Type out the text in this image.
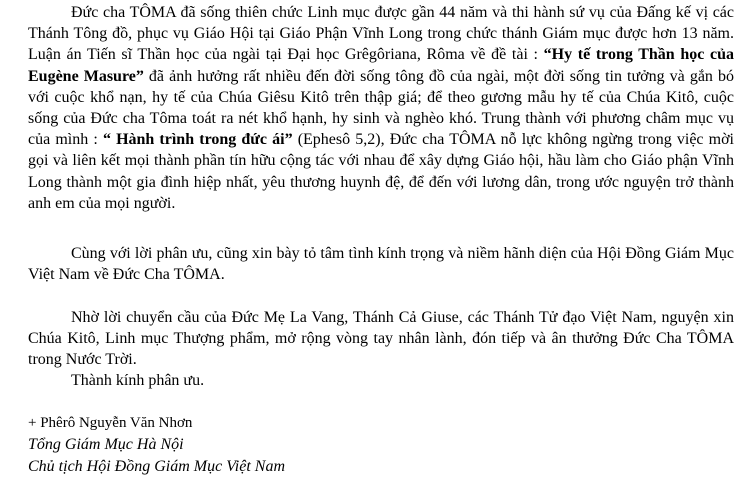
Đức cha TÔMA đã sống thiên chức Linh mục được gần 44 năm và thi hành sứ vụ của Đấng kế vị các Thánh Tông đồ, phục vụ Giáo Hội tại Giáo Phận Vĩnh Long trong chức thánh Giám mục được hơn 13 năm. Luận án Tiến sĩ Thần học của ngài tại Đại học Grêgôriana, Rôma về đề tài : “Hy tế trong Thần học của Eugène Masure” đã ảnh hưởng rất nhiều đến đời sống tông đồ của ngài, một đời sống tin tưởng và gắn bó với cuộc khổ nạn, hy tế của Chúa Giêsu Kitô trên thập giá; để theo gương mẫu hy tế của Chúa Kitô, cuộc sống của Đức cha Tôma toát ra nét khổ hạnh, hy sinh và nghèo khó. Trung thành với phương châm mục vụ của mình : “ Hành trình trong đức ái” (Ephesô 5,2), Đức cha TÔMA nỗ lực không ngừng trong việc mời gọi và liên kết mọi thành phần tín hữu cộng tác với nhau để xây dựng Giáo hội, hầu làm cho Giáo phận Vĩnh Long thành một gia đình hiệp nhất, yêu thương huynh đệ, để đến với lương dân, trong ước nguyện trở thành anh em của mọi người.

Cùng với lời phân ưu, cũng xin bày tỏ tâm tình kính trọng và niềm hãnh diện của Hội Đồng Giám Mục Việt Nam về Đức Cha TÔMA.

Nhờ lời chuyển cầu của Đức Mẹ La Vang, Thánh Cả Giuse, các Thánh Tử đạo Việt Nam, nguyện xin Chúa Kitô, Linh mục Thượng phẩm, mở rộng vòng tay nhân lành, đón tiếp và ân thưởng Đức Cha TÔMA trong Nước Trời.

Thành kính phân ưu.

+ Phêrô Nguyễn Văn Nhơn

Tổng Giám Mục Hà Nội

Chủ tịch Hội Đồng Giám Mục Việt Nam
